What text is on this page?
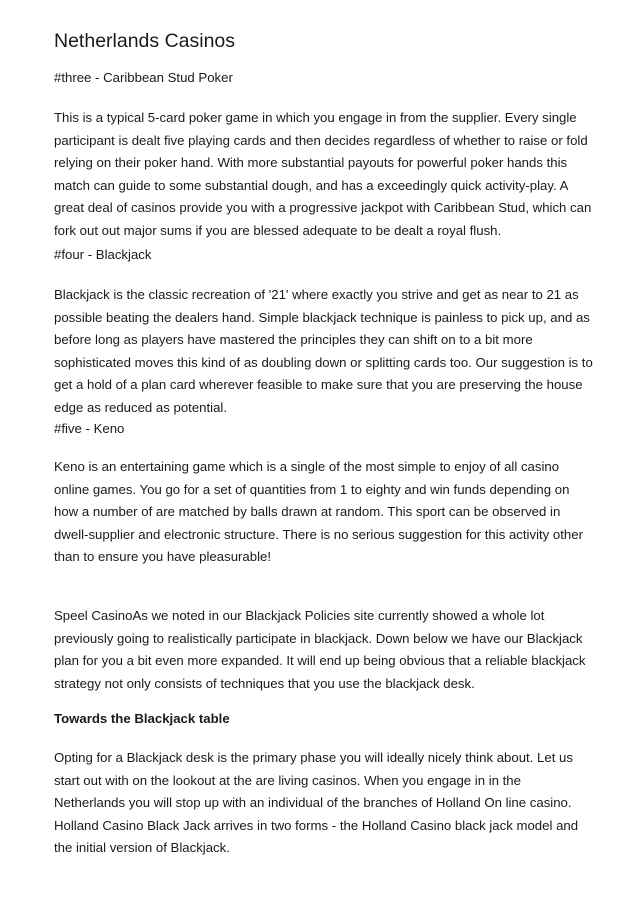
Netherlands Casinos

#three - Caribbean Stud Poker

This is a typical 5-card poker game in which you engage in from the supplier. Every single participant is dealt five playing cards and then decides regardless of whether to raise or fold relying on their poker hand. With more substantial payouts for powerful poker hands this match can guide to some substantial dough, and has a exceedingly quick activity-play. A great deal of casinos provide you with a progressive jackpot with Caribbean Stud, which can fork out out major sums if you are blessed adequate to be dealt a royal flush.

#four - Blackjack

Blackjack is the classic recreation of '21' where exactly you strive and get as near to 21 as possible beating the dealers hand. Simple blackjack technique is painless to pick up, and as before long as players have mastered the principles they can shift on to a bit more sophisticated moves this kind of as doubling down or splitting cards too. Our suggestion is to get a hold of a plan card wherever feasible to make sure that you are preserving the house edge as reduced as potential.

#five - Keno

Keno is an entertaining game which is a single of the most simple to enjoy of all casino online games. You go for a set of quantities from 1 to eighty and win funds depending on how a number of are matched by balls drawn at random. This sport can be observed in dwell-supplier and electronic structure. There is no serious suggestion for this activity other than to ensure you have pleasurable!

Speel CasinoAs we noted in our Blackjack Policies site currently showed a whole lot previously going to realistically participate in blackjack. Down below we have our Blackjack plan for you a bit even more expanded. It will end up being obvious that a reliable blackjack strategy not only consists of techniques that you use the blackjack desk.

Towards the Blackjack table

Opting for a Blackjack desk is the primary phase you will ideally nicely think about. Let us start out with on the lookout at the are living casinos. When you engage in in the Netherlands you will stop up with an individual of the branches of Holland On line casino. Holland Casino Black Jack arrives in two forms - the Holland Casino black jack model and the initial version of Blackjack.
